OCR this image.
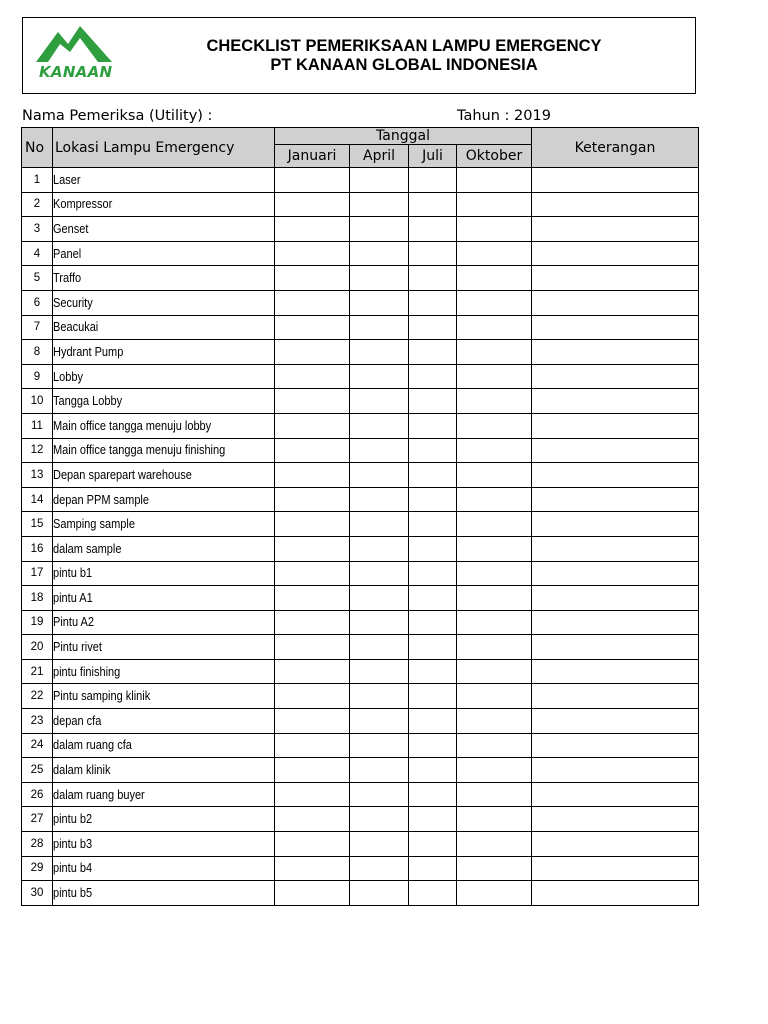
KANAAN
CHECKLIST PEMERIKSAAN LAMPU EMERGENCY
PT KANAAN GLOBAL INDONESIA
Nama Pemeriksa (Utility) :	Tahun : 2019
No	Lokasi Lampu Emergency	Tanggal				Keterangan
		Januari	April	Juli	Oktober	
1	Laser					
2	Kompressor					
3	Genset					
4	Panel					
5	Traffo					
6	Security					
7	Beacukai					
8	Hydrant Pump					
9	Lobby					
10	Tangga Lobby					
11	Main office tangga menuju lobby					
12	Main office tangga menuju finishing					
13	Depan sparepart warehouse					
14	depan PPM sample					
15	Samping sample					
16	dalam sample					
17	pintu b1					
18	pintu A1					
19	Pintu A2					
20	Pintu rivet					
21	pintu finishing					
22	Pintu samping klinik					
23	depan cfa					
24	dalam ruang cfa					
25	dalam klinik					
26	dalam ruang buyer					
27	pintu b2					
28	pintu b3					
29	pintu b4					
30	pintu b5					
